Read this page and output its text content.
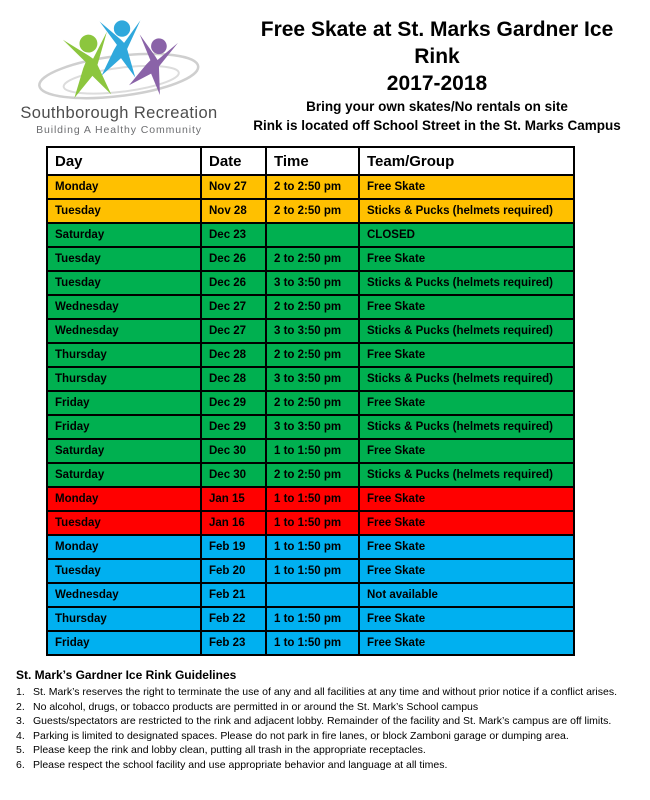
Southborough Recreation
Building A Healthy Community
Free Skate at St. Marks Gardner Ice Rink
2017-2018
Bring your own skates/No rentals on site
Rink is located off School Street in the St. Marks Campus
Day	Date	Time	Team/Group
Monday	Nov 27	2 to 2:50 pm	Free Skate
Tuesday	Nov 28	2 to 2:50 pm	Sticks & Pucks (helmets required)
Saturday	Dec 23		CLOSED
Tuesday	Dec 26	2 to 2:50 pm	Free Skate
Tuesday	Dec 26	3 to 3:50 pm	Sticks & Pucks (helmets required)
Wednesday	Dec 27	2 to 2:50 pm	Free Skate
Wednesday	Dec 27	3 to 3:50 pm	Sticks & Pucks (helmets required)
Thursday	Dec 28	2 to 2:50 pm	Free Skate
Thursday	Dec 28	3 to 3:50 pm	Sticks & Pucks (helmets required)
Friday	Dec 29	2 to 2:50 pm	Free Skate
Friday	Dec 29	3 to 3:50 pm	Sticks & Pucks (helmets required)
Saturday	Dec 30	1 to 1:50 pm	Free Skate
Saturday	Dec 30	2 to 2:50 pm	Sticks & Pucks (helmets required)
Monday	Jan 15	1 to 1:50 pm	Free Skate
Tuesday	Jan 16	1 to 1:50 pm	Free Skate
Monday	Feb 19	1 to 1:50 pm	Free Skate
Tuesday	Feb 20	1 to 1:50 pm	Free Skate
Wednesday	Feb 21		Not available
Thursday	Feb 22	1 to 1:50 pm	Free Skate
Friday	Feb 23	1 to 1:50 pm	Free Skate
St. Mark’s Gardner Ice Rink Guidelines
1. St. Mark’s reserves the right to terminate the use of any and all facilities at any time and without prior notice if a conflict arises.
2. No alcohol, drugs, or tobacco products are permitted in or around the St. Mark’s School campus
3. Guests/spectators are restricted to the rink and adjacent lobby. Remainder of the facility and St. Mark’s campus are off limits.
4. Parking is limited to designated spaces. Please do not park in fire lanes, or block Zamboni garage or dumping area.
5. Please keep the rink and lobby clean, putting all trash in the appropriate receptacles.
6. Please respect the school facility and use appropriate behavior and language at all times.
